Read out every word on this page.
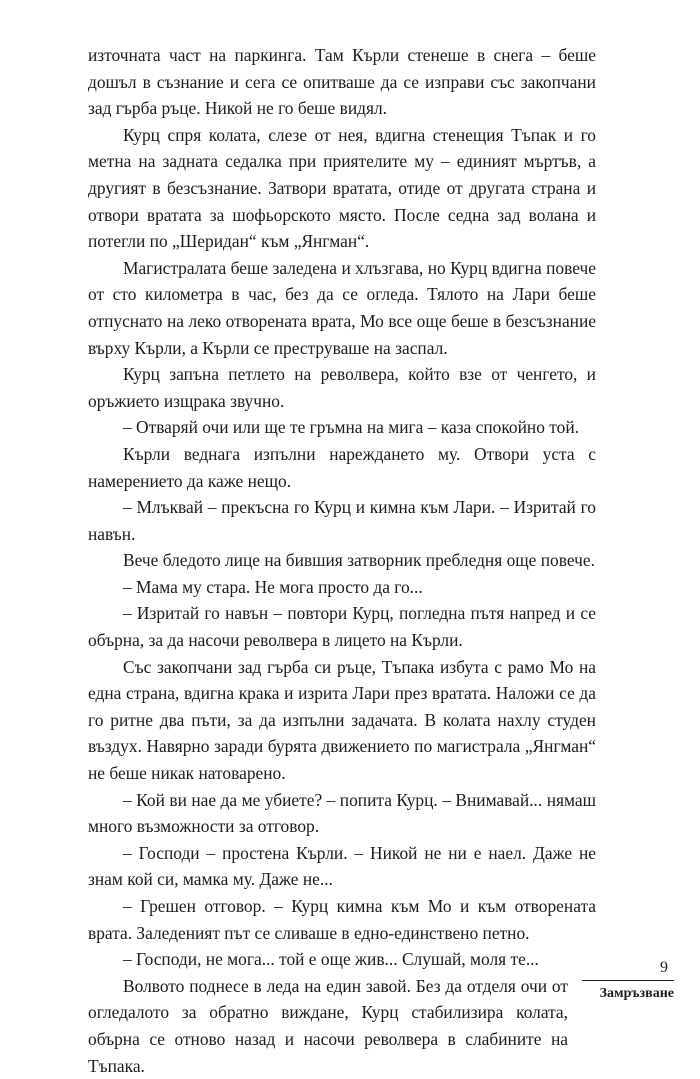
източната част на паркинга. Там Кърли стенеше в снега – беше дошъл в съзнание и сега се опитваше да се изправи със закопчани зад гърба ръце. Никой не го беше видял.

Курц спря колата, слезе от нея, вдигна стенещия Тъпак и го метна на задната седалка при приятелите му – единият мъртъв, а другият в безсъзнание. Затвори вратата, отиде от другата страна и отвори вратата за шофьорското място. После седна зад волана и потегли по „Шеридан“ към „Янгман“.

Магистралата беше заледена и хлъзгава, но Курц вдигна повече от сто километра в час, без да се огледа. Тялото на Лари беше отпуснато на леко отворената врата, Мо все още беше в безсъзнание върху Кърли, а Кърли се преструваше на заспал.

Курц запъна петлето на револвера, който взе от ченгето, и оръжието изщрака звучно.

– Отваряй очи или ще те гръмна на мига – каза спокойно той.

Кърли веднага изпълни нареждането му. Отвори уста с намерението да каже нещо.

– Млъквай – прекъсна го Курц и кимна към Лари. – Изритай го навън.

Вече бледото лице на бившия затворник пребледня още повече.

– Мама му стара. Не мога просто да го...

– Изритай го навън – повтори Курц, погледна пътя напред и се обърна, за да насочи револвера в лицето на Кърли.

Със закопчани зад гърба си ръце, Тъпака избута с рамо Мо на една страна, вдигна крака и изрита Лари през вратата. Наложи се да го ритне два пъти, за да изпълни задачата. В колата нахлу студен въздух. Навярно заради бурята движението по магистрала „Янгман“ не беше никак натоварено.

– Кой ви нае да ме убиете? – попита Курц. – Внимавай... нямаш много възможности за отговор.

– Господи – простена Кърли. – Никой не ни е наел. Даже не знам кой си, мамка му. Даже не...

– Грешен отговор. – Курц кимна към Мо и към отворената врата. Заледеният път се сливаше в едно-единствено петно.

– Господи, не мога... той е още жив... Слушай, моля те...

Волвото поднесе в леда на един завой. Без да отделя очи от огледалото за обратно виждане, Курц стабилизира колата, обърна се отново назад и насочи револвера в слабините на Тъпака.

9
Замръзване
